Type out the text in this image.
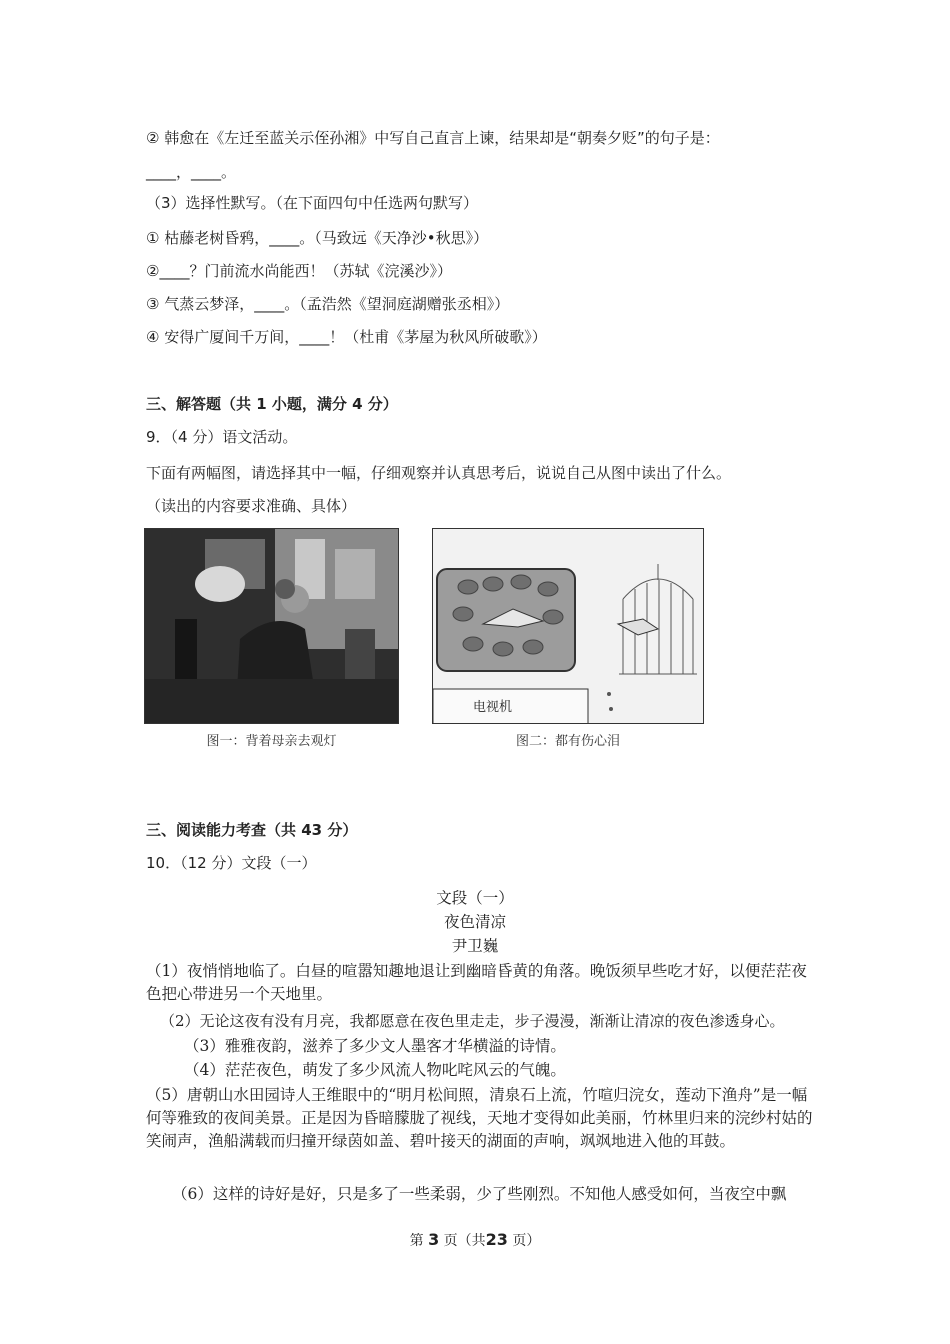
② 韩愈在《左迁至蓝关示侄孙湘》中写自己直言上谏，结果却是“朝奏夕贬”的句子是：
____，____。
（3）选择性默写。（在下面四句中任选两句默写）
① 枯藤老树昏鸦，____。（马致远《天净沙•秋思》）
②____？门前流水尚能西！（苏轼《浣溪沙》）
③ 气蒸云梦泽，____。（孟浩然《望洞庭湖赠张丞相》）
④ 安得广厦间千万间，____！（杜甫《茅屋为秋风所破歌》）
三、解答题（共 1 小题，满分 4 分）
9．（4 分）语文活动。
下面有两幅图，请选择其中一幅，仔细观察并认真思考后，说说自己从图中读出了什么。
（读出的内容要求准确、具体）
图一：背着母亲去观灯
电视机
图二：都有伤心泪
三、阅读能力考查（共 43 分）
10．（12 分）文段（一）
文段（一）
夜色清凉
尹卫巍
（1）夜悄悄地临了。白昼的喧嚣知趣地退让到幽暗昏黄的角落。晚饭须早些吃才好，以便茫茫夜色把心带进另一个天地里。
（2）无论这夜有没有月亮，我都愿意在夜色里走走，步子漫漫，渐渐让清凉的夜色渗透身心。
（3）雅雅夜韵，滋养了多少文人墨客才华横溢的诗情。
（4）茫茫夜色，萌发了多少风流人物叱咤风云的气魄。
（5）唐朝山水田园诗人王维眼中的“明月松间照，清泉石上流，竹喧归浣女，莲动下渔舟”是一幅何等雅致的夜间美景。正是因为昏暗朦胧了视线，天地才变得如此美丽，竹林里归来的浣纱村姑的笑闹声，渔船满载而归撞开绿茵如盖、碧叶接天的湖面的声响，飒飒地进入他的耳鼓。
（6）这样的诗好是好，只是多了一些柔弱，少了些刚烈。不知他人感受如何，当夜空中飘
第 3 页（共23 页）
